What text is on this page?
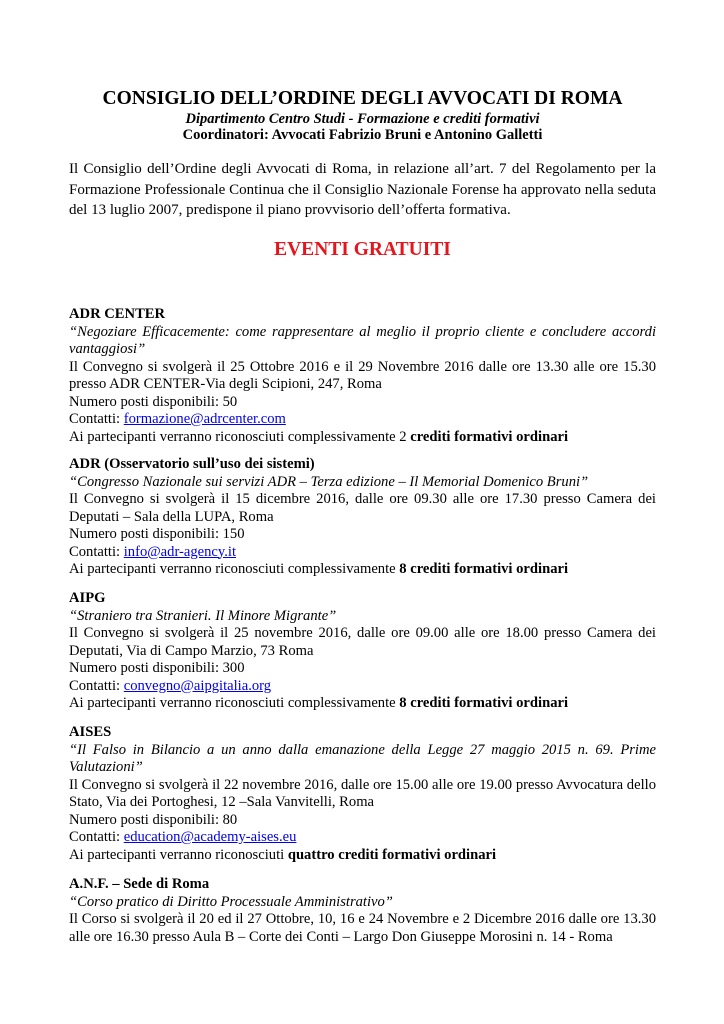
CONSIGLIO DELL’ORDINE DEGLI AVVOCATI DI ROMA
Dipartimento Centro Studi - Formazione e crediti formativi
Coordinatori: Avvocati Fabrizio Bruni e Antonino Galletti
Il Consiglio dell’Ordine degli Avvocati di Roma, in relazione all’art. 7 del Regolamento per la Formazione Professionale Continua che il Consiglio Nazionale Forense ha approvato nella seduta del 13 luglio 2007, predispone il piano provvisorio dell’offerta formativa.
EVENTI GRATUITI
ADR CENTER
“Negoziare Efficacemente: come rappresentare al meglio il proprio cliente e concludere accordi vantaggiosi”
Il Convegno si svolgerà il 25 Ottobre 2016 e il 29 Novembre 2016 dalle ore 13.30 alle ore 15.30 presso ADR CENTER-Via degli Scipioni, 247, Roma
Numero posti disponibili: 50
Contatti: formazione@adrcenter.com
Ai partecipanti verranno riconosciuti complessivamente 2 crediti formativi ordinari
ADR (Osservatorio sull’uso dei sistemi)
“Congresso Nazionale sui servizi ADR – Terza edizione – Il Memorial Domenico Bruni”
Il Convegno si svolgerà il 15 dicembre 2016, dalle ore 09.30 alle ore 17.30 presso Camera dei Deputati – Sala della LUPA, Roma
Numero posti disponibili: 150
Contatti: info@adr-agency.it
Ai partecipanti verranno riconosciuti complessivamente 8 crediti formativi ordinari
AIPG
“Straniero tra Stranieri. Il Minore Migrante”
Il Convegno si svolgerà il 25 novembre 2016, dalle ore 09.00 alle ore 18.00 presso Camera dei Deputati, Via di Campo Marzio, 73 Roma
Numero posti disponibili: 300
Contatti: convegno@aipgitalia.org
Ai partecipanti verranno riconosciuti complessivamente 8 crediti formativi ordinari
AISES
“Il Falso in Bilancio a un anno dalla emanazione della Legge 27 maggio 2015 n. 69. Prime Valutazioni”
Il Convegno si svolgerà il 22 novembre 2016, dalle ore 15.00 alle ore 19.00 presso Avvocatura dello Stato, Via dei Portoghesi, 12 –Sala Vanvitelli, Roma
Numero posti disponibili: 80
Contatti: education@academy-aises.eu
Ai partecipanti verranno riconosciuti quattro crediti formativi ordinari
A.N.F. – Sede di Roma
“Corso pratico di Diritto Processuale Amministrativo”
Il Corso si svolgerà il 20 ed il 27 Ottobre, 10, 16 e 24 Novembre e 2 Dicembre 2016 dalle ore 13.30 alle ore 16.30 presso Aula B – Corte dei Conti – Largo Don Giuseppe Morosini n. 14 - Roma
